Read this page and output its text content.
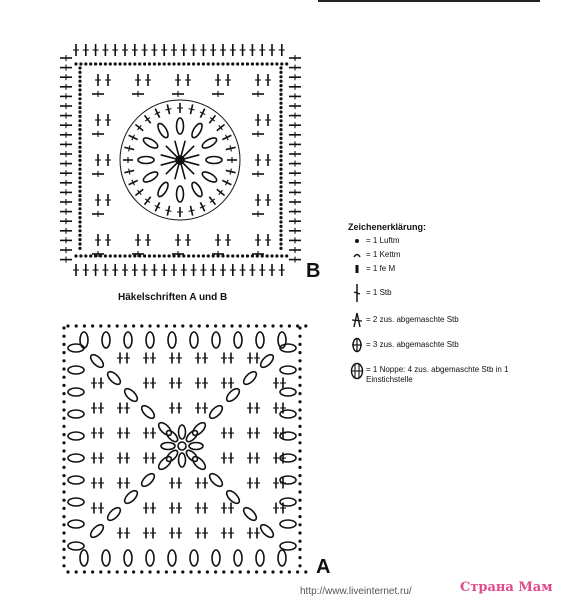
B
Häkelschriften A und B
A
Zeichenerklärung:
= 1 Luftm
= 1 Kettm
= 1 fe M
= 1 Stb
= 2 zus. abgemaschte Stb
= 3 zus. abgemaschte Stb
= 1 Noppe: 4 zus. abgemaschte Stb in 1 Einstichstelle
http://www.liveinternet.ru/	Страна Мам
